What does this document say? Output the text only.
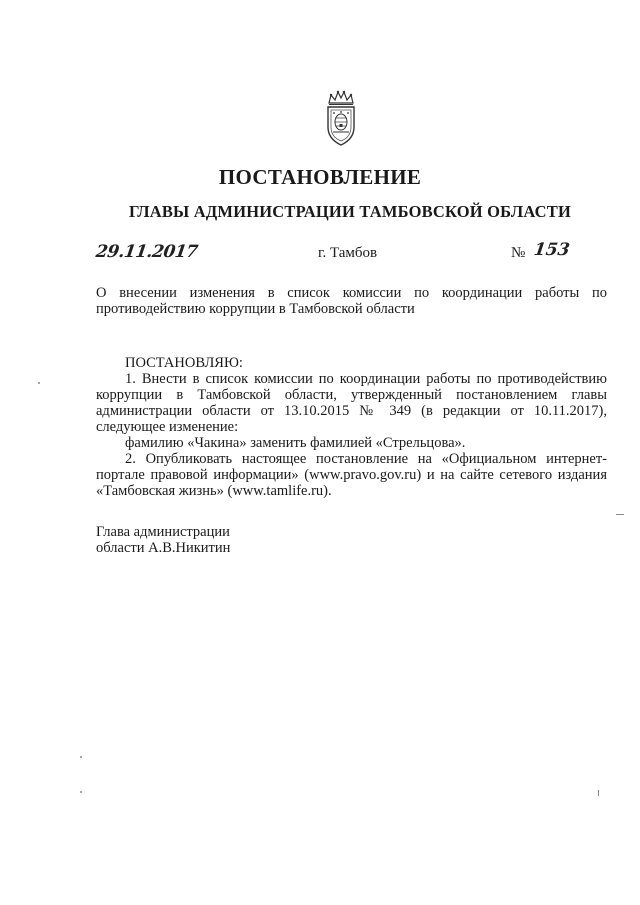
ПОСТАНОВЛЕНИЕ
ГЛАВЫ АДМИНИСТРАЦИИ ТАМБОВСКОЙ ОБЛАСТИ
29.11.2017	г. Тамбов	№ 153

О внесении изменения в список комиссии по координации работы по противодействию коррупции в Тамбовской области

ПОСТАНОВЛЯЮ:
1. Внести в список комиссии по координации работы по противодействию коррупции в Тамбовской области, утвержденный постановлением главы администрации области от 13.10.2015 № 349 (в редакции от 10.11.2017), следующее изменение:
фамилию «Чакина» заменить фамилией «Стрельцова».
2. Опубликовать настоящее постановление на «Официальном интернет-портале правовой информации» (www.pravo.gov.ru) и на сайте сетевого издания «Тамбовская жизнь» (www.tamlife.ru).
Глава администрации
области А.В.Никитин
